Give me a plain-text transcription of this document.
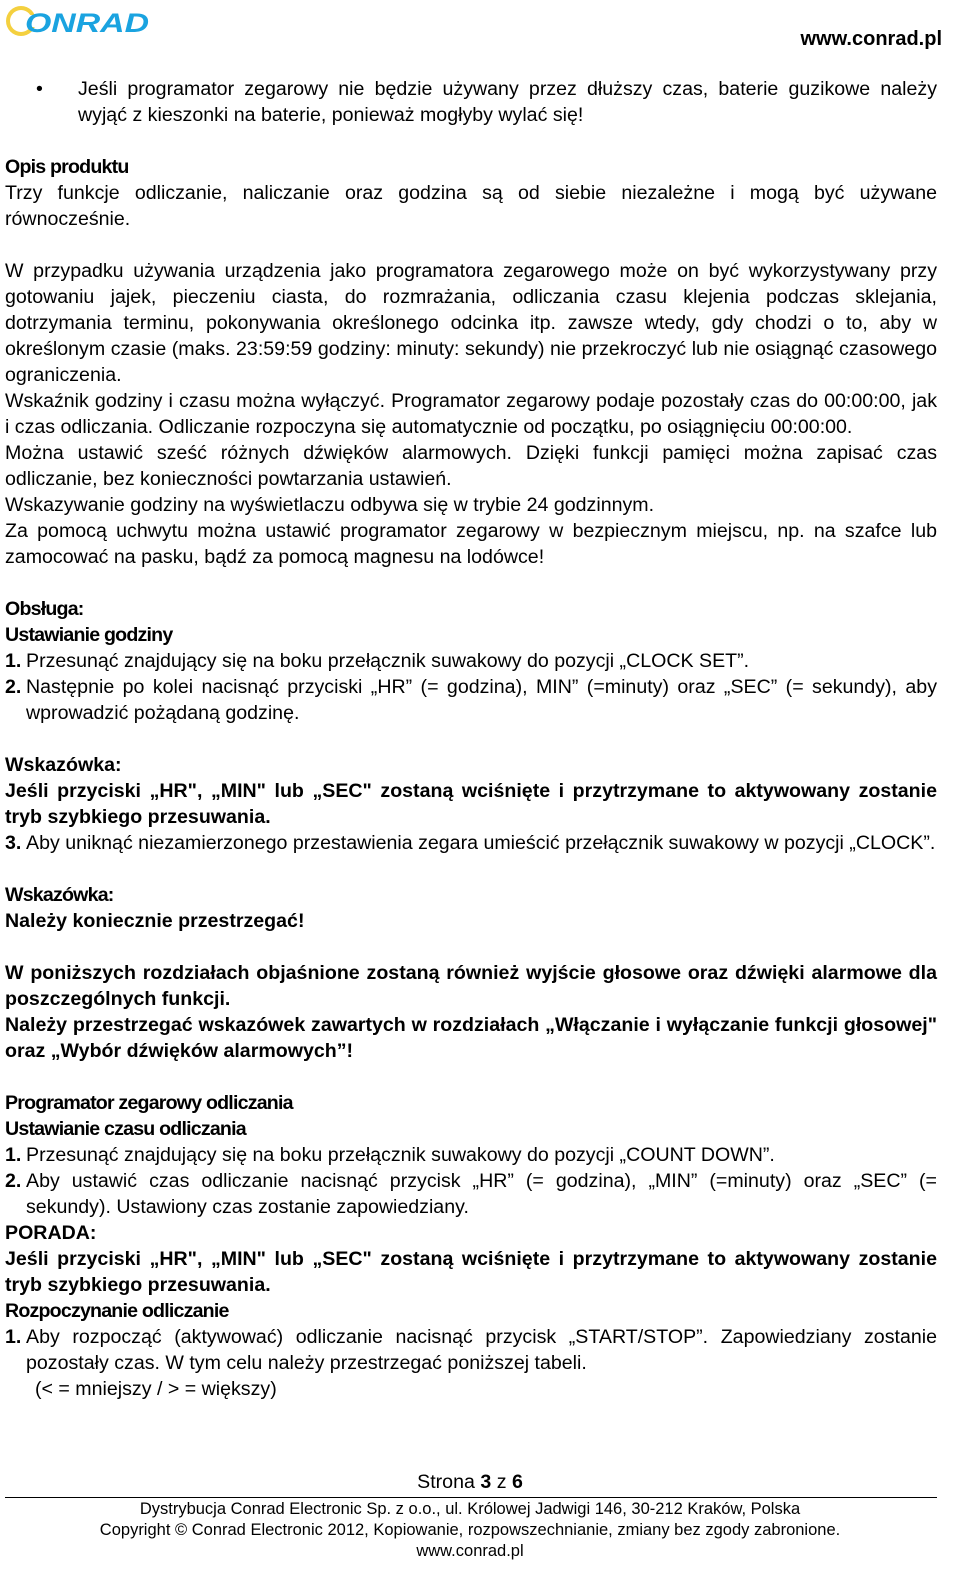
ONRAD
www.conrad.pl

• Jeśli programator zegarowy nie będzie używany przez dłuższy czas, baterie guzikowe należy wyjąć z kieszonki na baterie, ponieważ mogłyby wylać się!

Opis produktu

Trzy funkcje odliczanie, naliczanie oraz godzina są od siebie niezależne i mogą być używane równocześnie.

W przypadku używania urządzenia jako programatora zegarowego może on być wykorzystywany przy gotowaniu jajek, pieczeniu ciasta, do rozmrażania, odliczania czasu klejenia podczas sklejania, dotrzymania terminu, pokonywania określonego odcinka itp. zawsze wtedy, gdy chodzi o to, aby w określonym czasie (maks. 23:59:59 godziny: minuty: sekundy) nie przekroczyć lub nie osiągnąć czasowego ograniczenia.

Wskaźnik godziny i czasu można wyłączyć. Programator zegarowy podaje pozostały czas do 00:00:00, jak i czas odliczania. Odliczanie rozpoczyna się automatycznie od początku, po osiągnięciu 00:00:00.

Można ustawić sześć różnych dźwięków alarmowych. Dzięki funkcji pamięci można zapisać czas odliczanie, bez konieczności powtarzania ustawień.

Wskazywanie godziny na wyświetlaczu odbywa się w trybie 24 godzinnym.

Za pomocą uchwytu można ustawić programator zegarowy w bezpiecznym miejscu, np. na szafce lub zamocować na pasku, bądź za pomocą magnesu na lodówce!

Obsługa:

Ustawianie godziny

1. Przesunąć znajdujący się na boku przełącznik suwakowy do pozycji „CLOCK SET”.

2. Następnie po kolei nacisnąć przyciski „HR” (= godzina), MIN” (=minuty) oraz „SEC” (= sekundy), aby wprowadzić pożądaną godzinę.

Wskazówka:

Jeśli przyciski „HR", „MIN" lub „SEC" zostaną wciśnięte i przytrzymane to aktywowany zostanie tryb szybkiego przesuwania.

3. Aby uniknąć niezamierzonego przestawienia zegara umieścić przełącznik suwakowy w pozycji „CLOCK”.

Wskazówka:

Należy koniecznie przestrzegać!

W poniższych rozdziałach objaśnione zostaną również wyjście głosowe oraz dźwięki alarmowe dla poszczególnych funkcji.

Należy przestrzegać wskazówek zawartych w rozdziałach „Włączanie i wyłączanie funkcji głosowej" oraz „Wybór dźwięków alarmowych”!

Programator zegarowy odliczania

Ustawianie czasu odliczania

1. Przesunąć znajdujący się na boku przełącznik suwakowy do pozycji „COUNT DOWN”.

2. Aby ustawić czas odliczanie nacisnąć przycisk „HR” (= godzina), „MIN” (=minuty) oraz „SEC” (= sekundy). Ustawiony czas zostanie zapowiedziany.

PORADA:

Jeśli przyciski „HR", „MIN" lub „SEC" zostaną wciśnięte i przytrzymane to aktywowany zostanie tryb szybkiego przesuwania.

Rozpoczynanie odliczanie

1. Aby rozpocząć (aktywować) odliczanie nacisnąć przycisk „START/STOP”. Zapowiedziany zostanie pozostały czas. W tym celu należy przestrzegać poniższej tabeli.

(< = mniejszy / > = większy)

Strona 3 z 6
Dystrybucja Conrad Electronic Sp. z o.o., ul. Królowej Jadwigi 146, 30-212 Kraków, Polska
Copyright © Conrad Electronic 2012, Kopiowanie, rozpowszechnianie, zmiany bez zgody zabronione.
www.conrad.pl
